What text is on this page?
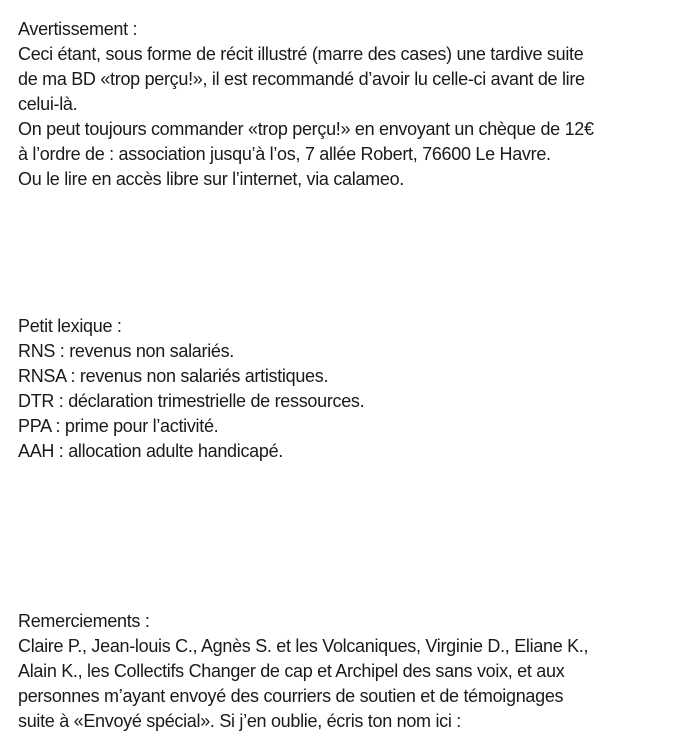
Avertissement :
Ceci étant, sous forme de récit illustré (marre des cases) une tardive suite
de ma BD «trop perçu!», il est recommandé d’avoir lu celle-ci avant de lire
celui-là.
On peut toujours commander «trop perçu!» en envoyant un chèque de 12€
à l’ordre de : association jusqu’à l’os, 7 allée Robert, 76600 Le Havre.
Ou le lire en accès libre sur l’internet, via calameo.
Petit lexique :
RNS : revenus non salariés.
RNSA : revenus non salariés artistiques.
DTR : déclaration trimestrielle de ressources.
PPA : prime pour l’activité.
AAH : allocation adulte handicapé.
Remerciements :
Claire P., Jean-louis C., Agnès S. et les Volcaniques, Virginie D., Eliane K.,
Alain K., les Collectifs Changer de cap et Archipel des sans voix, et aux
personnes m’ayant envoyé des courriers de soutien et de témoignages
suite à «Envoyé spécial». Si j’en oublie, écris ton nom ici :
